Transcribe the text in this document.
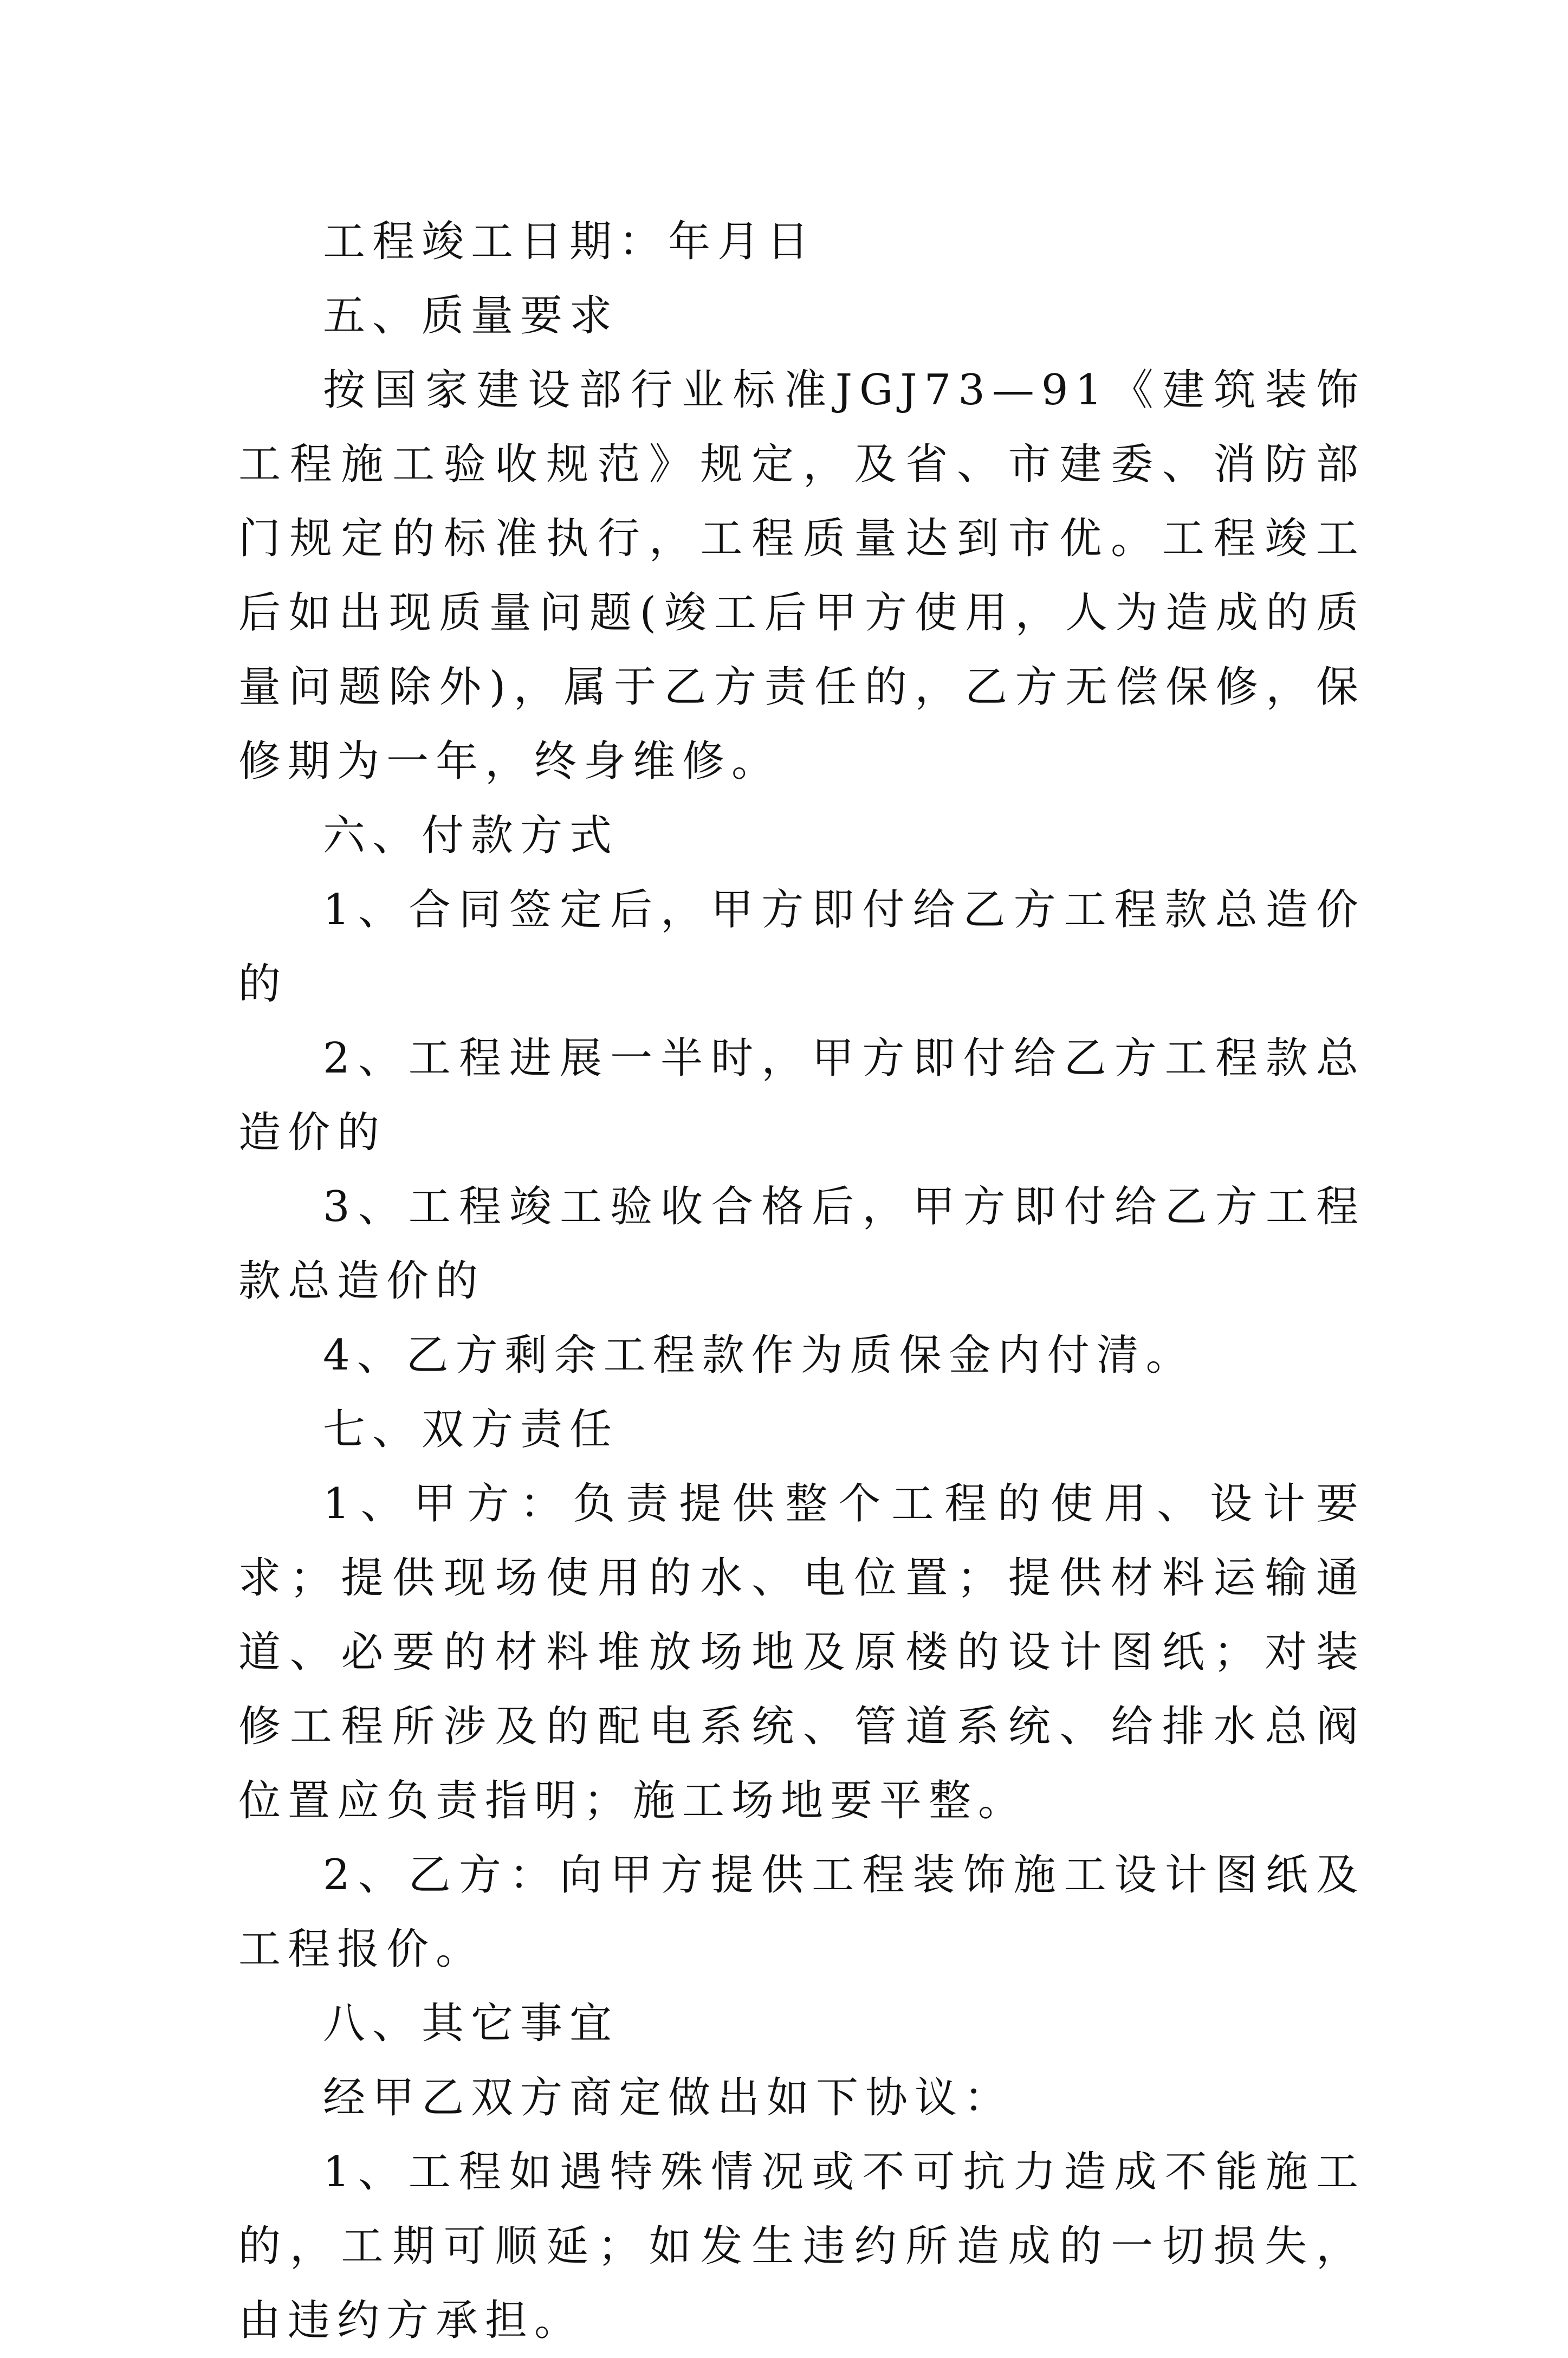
工程竣工日期：年月日

五、质量要求

按国家建设部行业标准JGJ73—91《建筑装饰工程施工验收规范》规定，及省、市建委、消防部门规定的标准执行，工程质量达到市优。工程竣工后如出现质量问题(竣工后甲方使用，人为造成的质量问题除外)，属于乙方责任的，乙方无偿保修，保修期为一年，终身维修。

六、付款方式

1、合同签定后，甲方即付给乙方工程款总造价的

2、工程进展一半时，甲方即付给乙方工程款总造价的

3、工程竣工验收合格后，甲方即付给乙方工程款总造价的

4、乙方剩余工程款作为质保金内付清。

七、双方责任

1、甲方：负责提供整个工程的使用、设计要求；提供现场使用的水、电位置；提供材料运输通道、必要的材料堆放场地及原楼的设计图纸；对装修工程所涉及的配电系统、管道系统、给排水总阀位置应负责指明；施工场地要平整。

2、乙方：向甲方提供工程装饰施工设计图纸及工程报价。

八、其它事宜

经甲乙双方商定做出如下协议：

1、工程如遇特殊情况或不可抗力造成不能施工的，工期可顺延；如发生违约所造成的一切损失，由违约方承担。
